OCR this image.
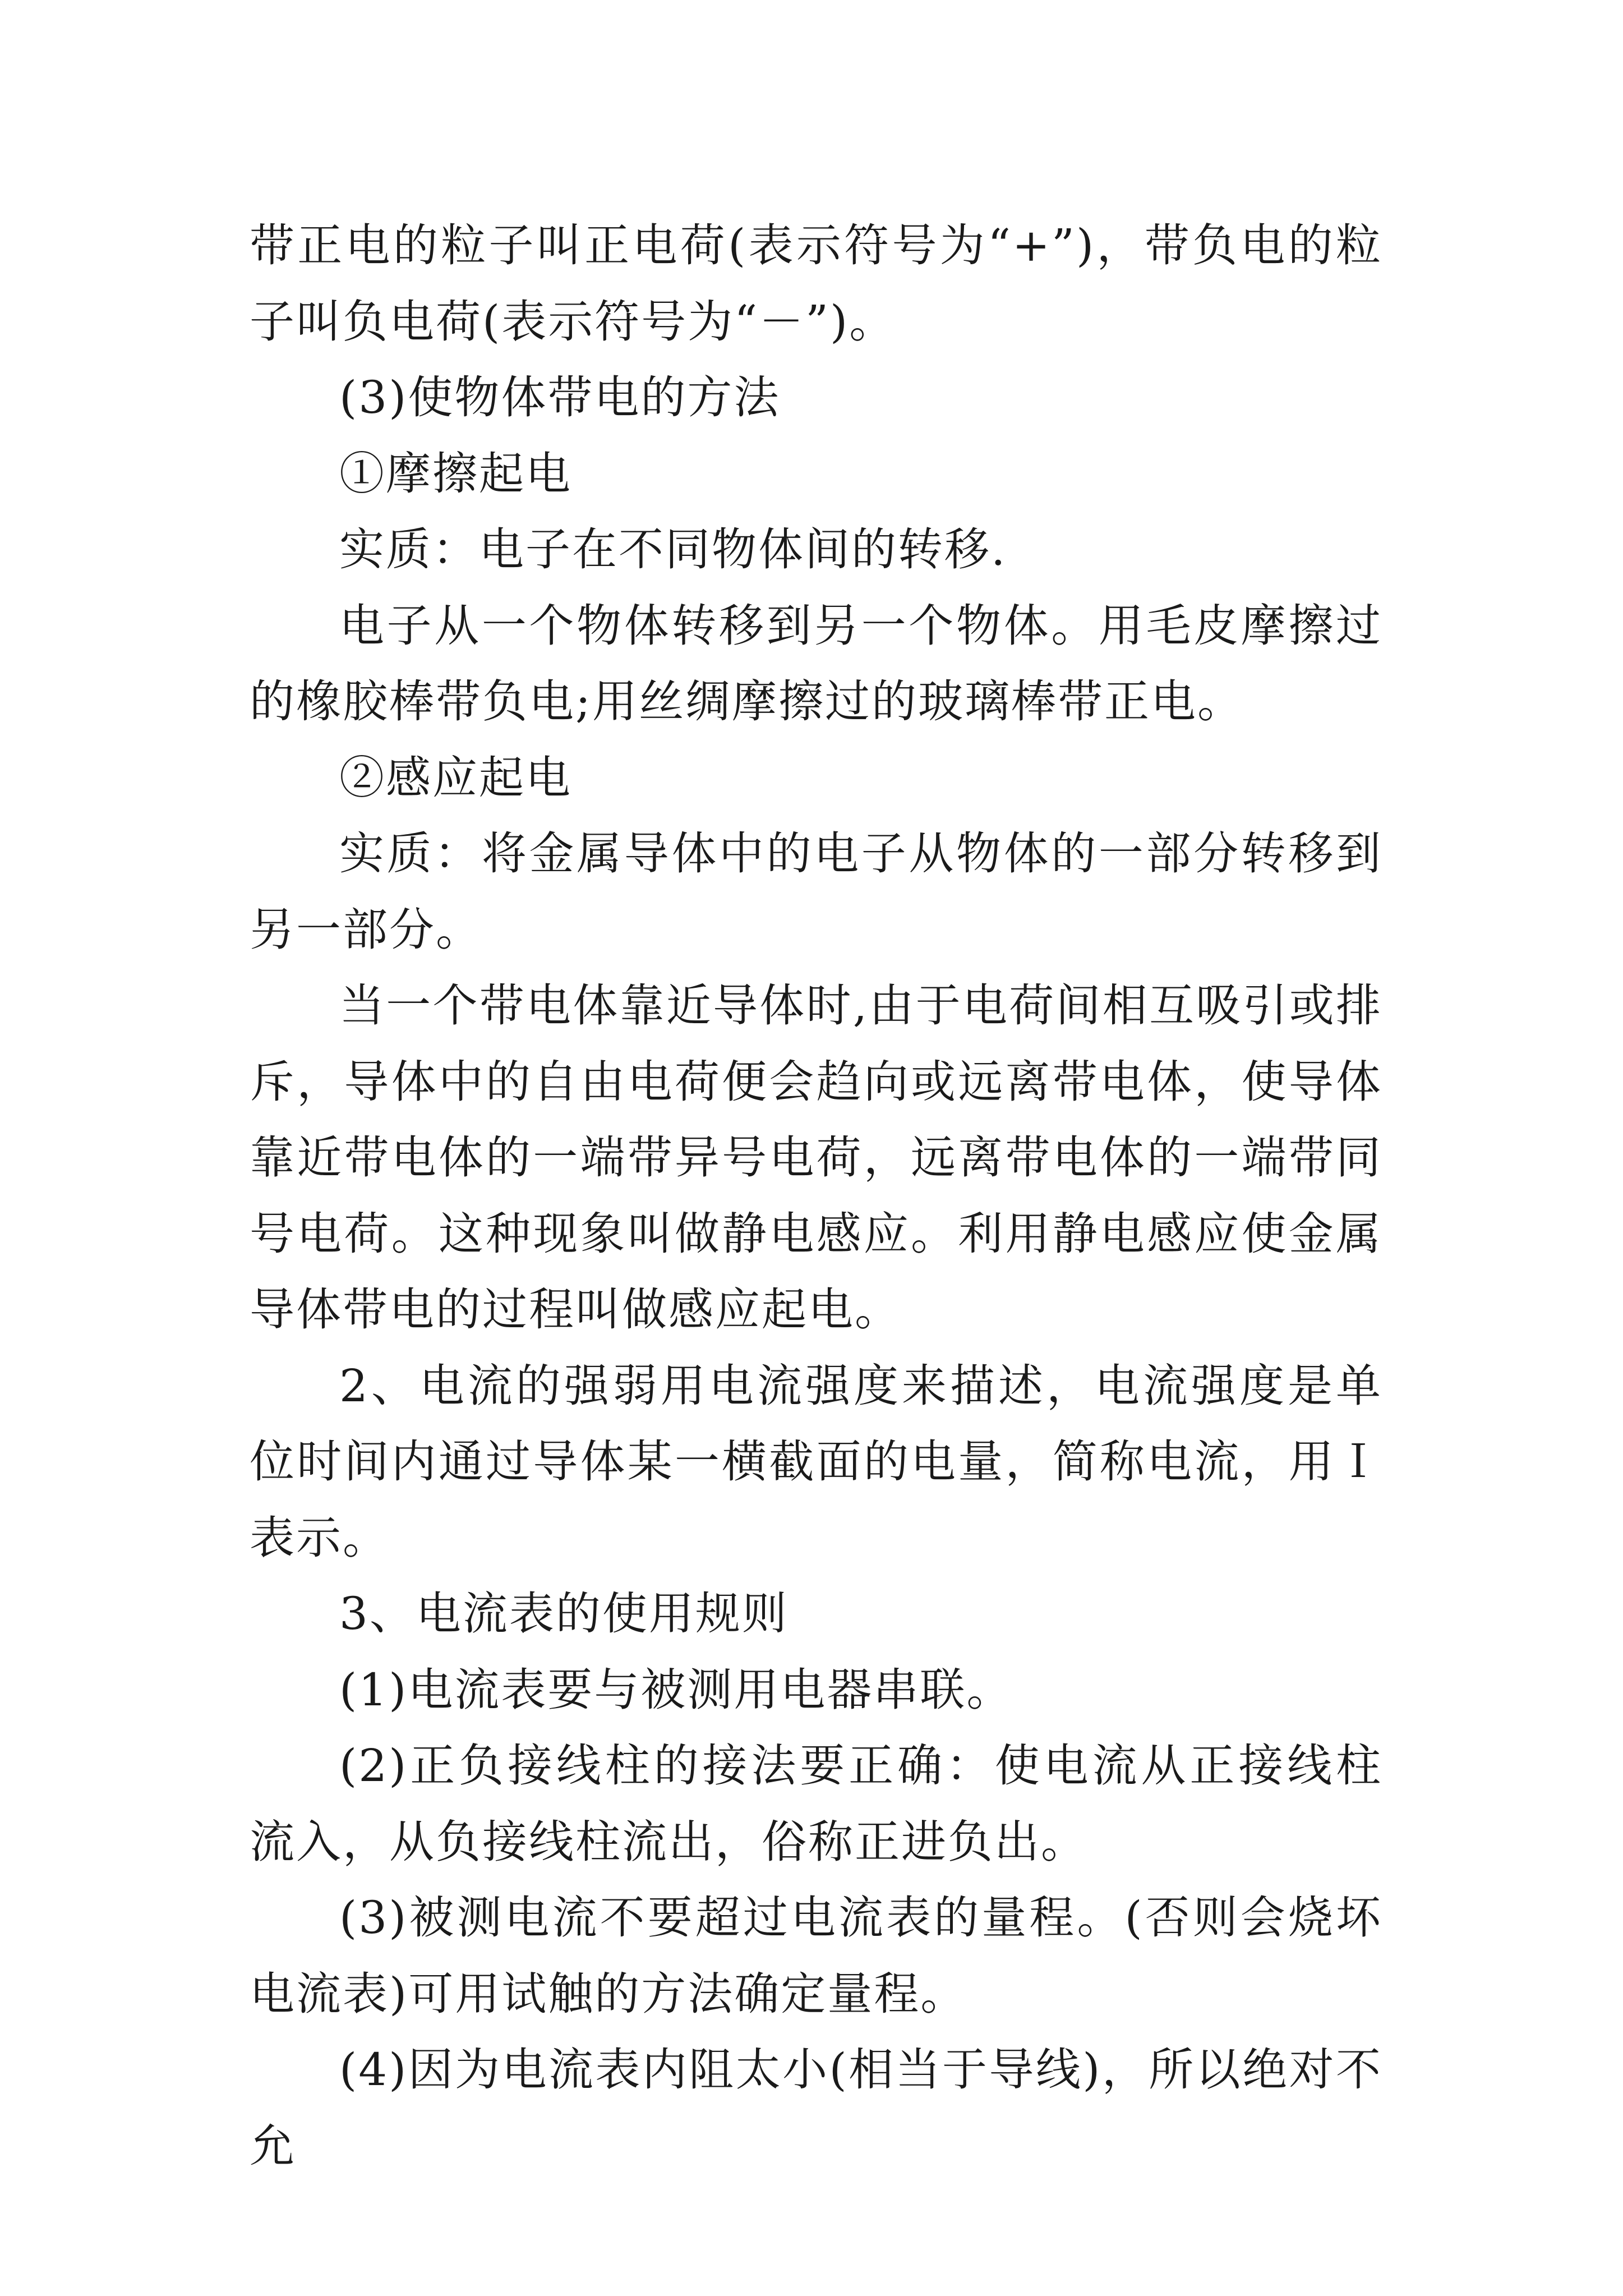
带正电的粒子叫正电荷(表示符号为“+”)，带负电的粒子叫负电荷(表示符号为“－”)。

(3)使物体带电的方法

①摩擦起电

实质：电子在不同物体间的转移.

电子从一个物体转移到另一个物体。用毛皮摩擦过的橡胶棒带负电;用丝绸摩擦过的玻璃棒带正电。

②感应起电

实质：将金属导体中的电子从物体的一部分转移到另一部分。

当一个带电体靠近导体时,由于电荷间相互吸引或排斥，导体中的自由电荷便会趋向或远离带电体，使导体靠近带电体的一端带异号电荷，远离带电体的一端带同号电荷。这种现象叫做静电感应。利用静电感应使金属导体带电的过程叫做感应起电。

2、电流的强弱用电流强度来描述，电流强度是单位时间内通过导体某一横截面的电量，简称电流，用Ｉ表示。

3、电流表的使用规则

(1)电流表要与被测用电器串联。

(2)正负接线柱的接法要正确：使电流从正接线柱流入，从负接线柱流出，俗称正进负出。

(3)被测电流不要超过电流表的量程。(否则会烧坏电流表)可用试触的方法确定量程。

(4)因为电流表内阻太小(相当于导线)，所以绝对不允
